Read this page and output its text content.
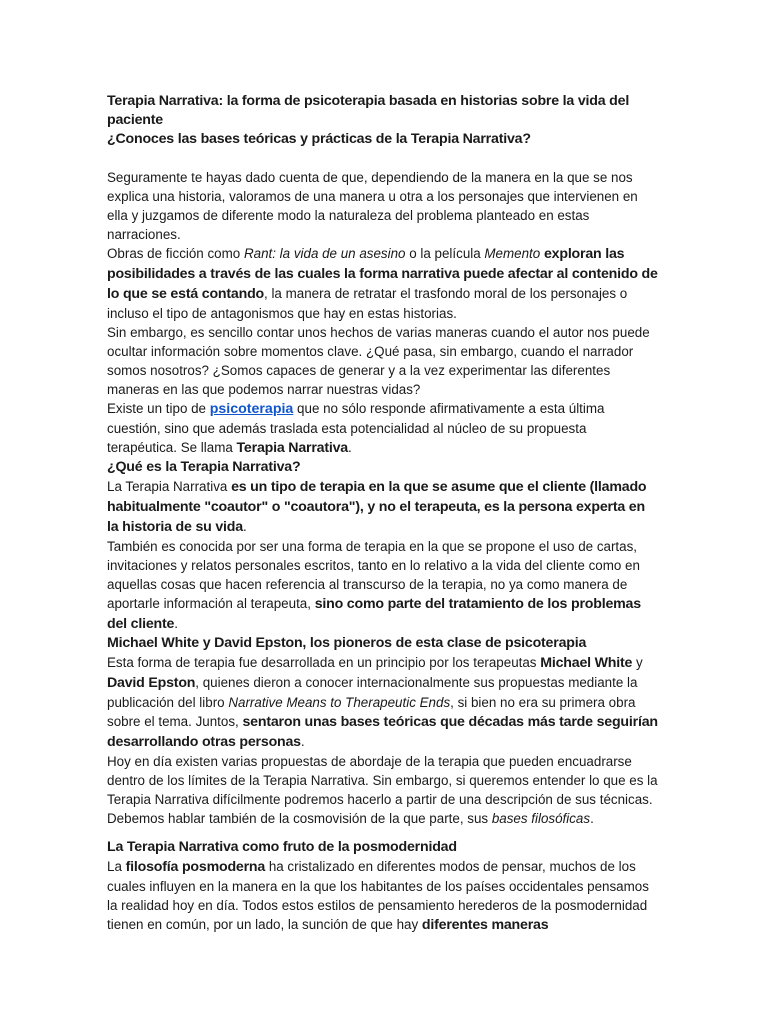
Terapia Narrativa: la forma de psicoterapia basada en historias sobre la vida del paciente

¿Conoces las bases teóricas y prácticas de la Terapia Narrativa?

Seguramente te hayas dado cuenta de que, dependiendo de la manera en la que se nos explica una historia, valoramos de una manera u otra a los personajes que intervienen en ella y juzgamos de diferente modo la naturaleza del problema planteado en estas narraciones.

Obras de ficción como Rant: la vida de un asesino o la película Memento exploran las posibilidades a través de las cuales la forma narrativa puede afectar al contenido de lo que se está contando, la manera de retratar el trasfondo moral de los personajes o incluso el tipo de antagonismos que hay en estas historias.

Sin embargo, es sencillo contar unos hechos de varias maneras cuando el autor nos puede ocultar información sobre momentos clave. ¿Qué pasa, sin embargo, cuando el narrador somos nosotros? ¿Somos capaces de generar y a la vez experimentar las diferentes maneras en las que podemos narrar nuestras vidas?

Existe un tipo de psicoterapia que no sólo responde afirmativamente a esta última cuestión, sino que además traslada esta potencialidad al núcleo de su propuesta terapéutica. Se llama Terapia Narrativa.

¿Qué es la Terapia Narrativa?

La Terapia Narrativa es un tipo de terapia en la que se asume que el cliente (llamado habitualmente "coautor" o "coautora"), y no el terapeuta, es la persona experta en la historia de su vida.

También es conocida por ser una forma de terapia en la que se propone el uso de cartas, invitaciones y relatos personales escritos, tanto en lo relativo a la vida del cliente como en aquellas cosas que hacen referencia al transcurso de la terapia, no ya como manera de aportarle información al terapeuta, sino como parte del tratamiento de los problemas del cliente.

Michael White y David Epston, los pioneros de esta clase de psicoterapia

Esta forma de terapia fue desarrollada en un principio por los terapeutas Michael White y David Epston, quienes dieron a conocer internacionalmente sus propuestas mediante la publicación del libro Narrative Means to Therapeutic Ends, si bien no era su primera obra sobre el tema. Juntos, sentaron unas bases teóricas que décadas más tarde seguirían desarrollando otras personas.

Hoy en día existen varias propuestas de abordaje de la terapia que pueden encuadrarse dentro de los límites de la Terapia Narrativa. Sin embargo, si queremos entender lo que es la Terapia Narrativa difícilmente podremos hacerlo a partir de una descripción de sus técnicas. Debemos hablar también de la cosmovisión de la que parte, sus bases filosóficas.

La Terapia Narrativa como fruto de la posmodernidad

La filosofía posmoderna ha cristalizado en diferentes modos de pensar, muchos de los cuales influyen en la manera en la que los habitantes de los países occidentales pensamos la realidad hoy en día. Todos estos estilos de pensamiento herederos de la posmodernidad tienen en común, por un lado, la sunción de que hay diferentes maneras
